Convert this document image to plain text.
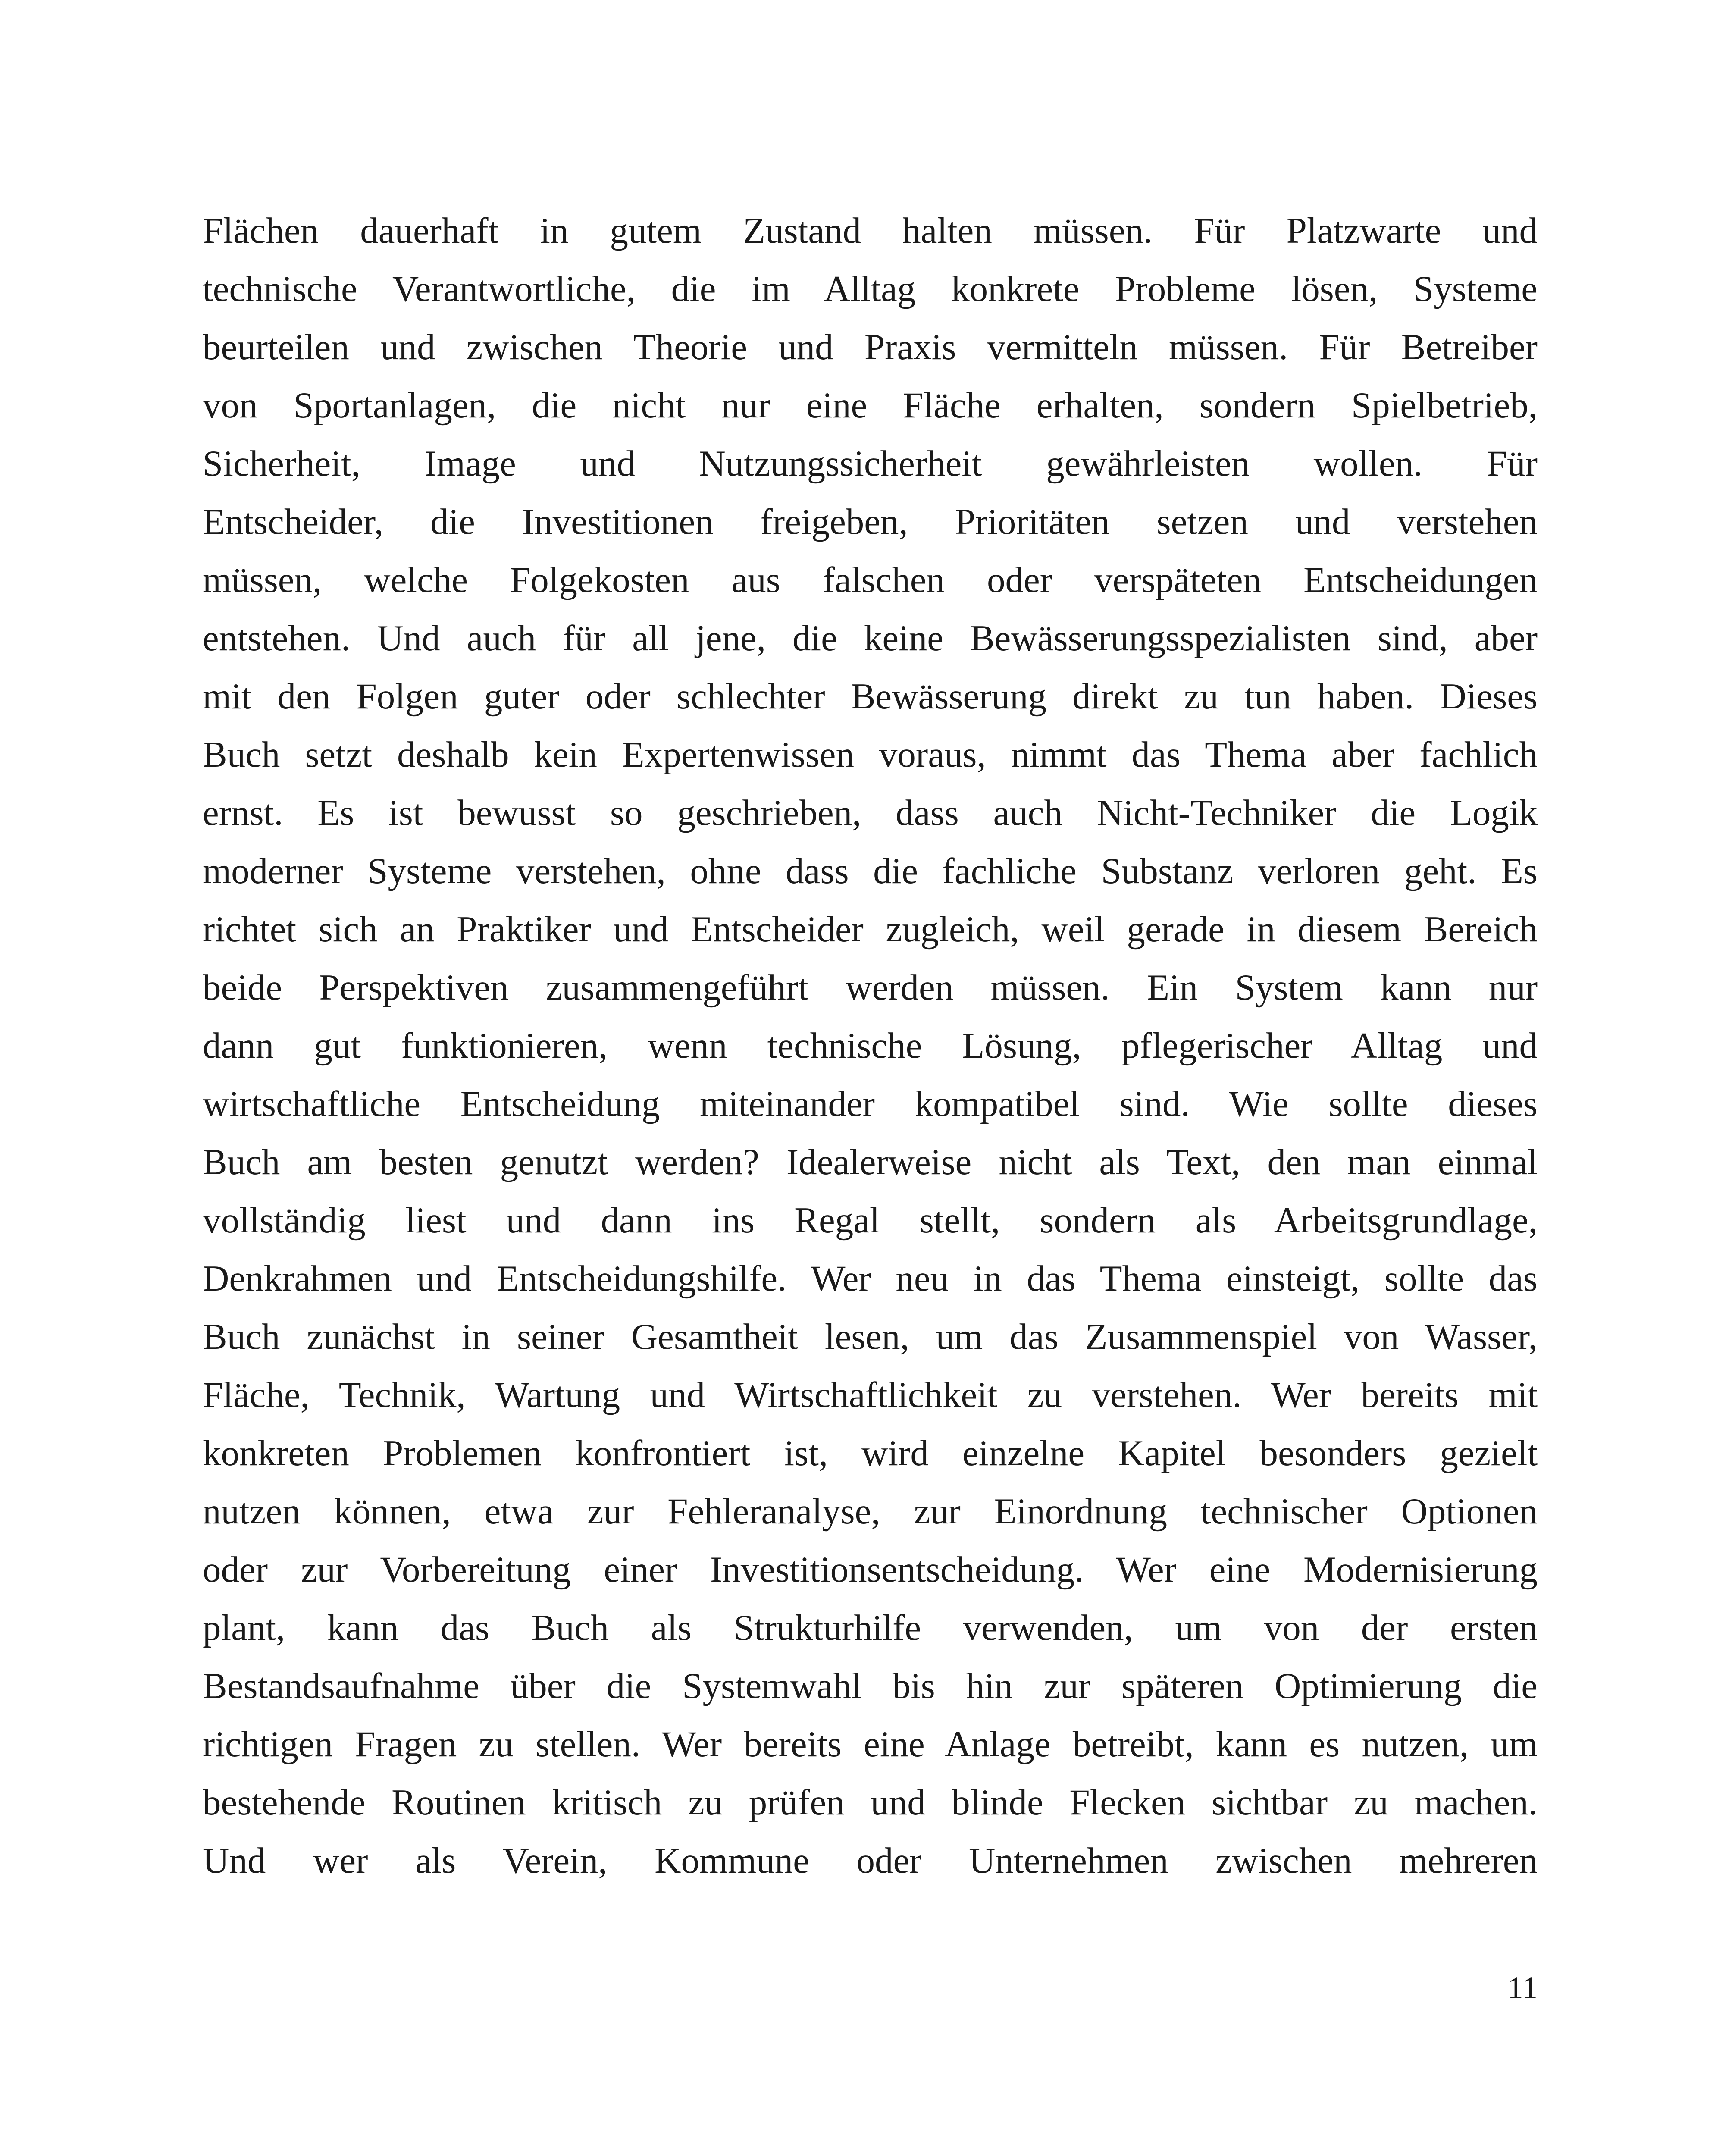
Flächen dauerhaft in gutem Zustand halten müssen. Für Platzwarte und
technische Verantwortliche, die im Alltag konkrete Probleme lösen, Systeme
beurteilen und zwischen Theorie und Praxis vermitteln müssen. Für Betreiber
von Sportanlagen, die nicht nur eine Fläche erhalten, sondern Spielbetrieb,
Sicherheit, Image und Nutzungssicherheit gewährleisten wollen. Für
Entscheider, die Investitionen freigeben, Prioritäten setzen und verstehen
müssen, welche Folgekosten aus falschen oder verspäteten Entscheidungen
entstehen. Und auch für all jene, die keine Bewässerungsspezialisten sind, aber
mit den Folgen guter oder schlechter Bewässerung direkt zu tun haben. Dieses
Buch setzt deshalb kein Expertenwissen voraus, nimmt das Thema aber fachlich
ernst. Es ist bewusst so geschrieben, dass auch Nicht-Techniker die Logik
moderner Systeme verstehen, ohne dass die fachliche Substanz verloren geht. Es
richtet sich an Praktiker und Entscheider zugleich, weil gerade in diesem Bereich
beide Perspektiven zusammengeführt werden müssen. Ein System kann nur
dann gut funktionieren, wenn technische Lösung, pflegerischer Alltag und
wirtschaftliche Entscheidung miteinander kompatibel sind. Wie sollte dieses
Buch am besten genutzt werden? Idealerweise nicht als Text, den man einmal
vollständig liest und dann ins Regal stellt, sondern als Arbeitsgrundlage,
Denkrahmen und Entscheidungshilfe. Wer neu in das Thema einsteigt, sollte das
Buch zunächst in seiner Gesamtheit lesen, um das Zusammenspiel von Wasser,
Fläche, Technik, Wartung und Wirtschaftlichkeit zu verstehen. Wer bereits mit
konkreten Problemen konfrontiert ist, wird einzelne Kapitel besonders gezielt
nutzen können, etwa zur Fehleranalyse, zur Einordnung technischer Optionen
oder zur Vorbereitung einer Investitionsentscheidung. Wer eine Modernisierung
plant, kann das Buch als Strukturhilfe verwenden, um von der ersten
Bestandsaufnahme über die Systemwahl bis hin zur späteren Optimierung die
richtigen Fragen zu stellen. Wer bereits eine Anlage betreibt, kann es nutzen, um
bestehende Routinen kritisch zu prüfen und blinde Flecken sichtbar zu machen.
Und wer als Verein, Kommune oder Unternehmen zwischen mehreren
11
